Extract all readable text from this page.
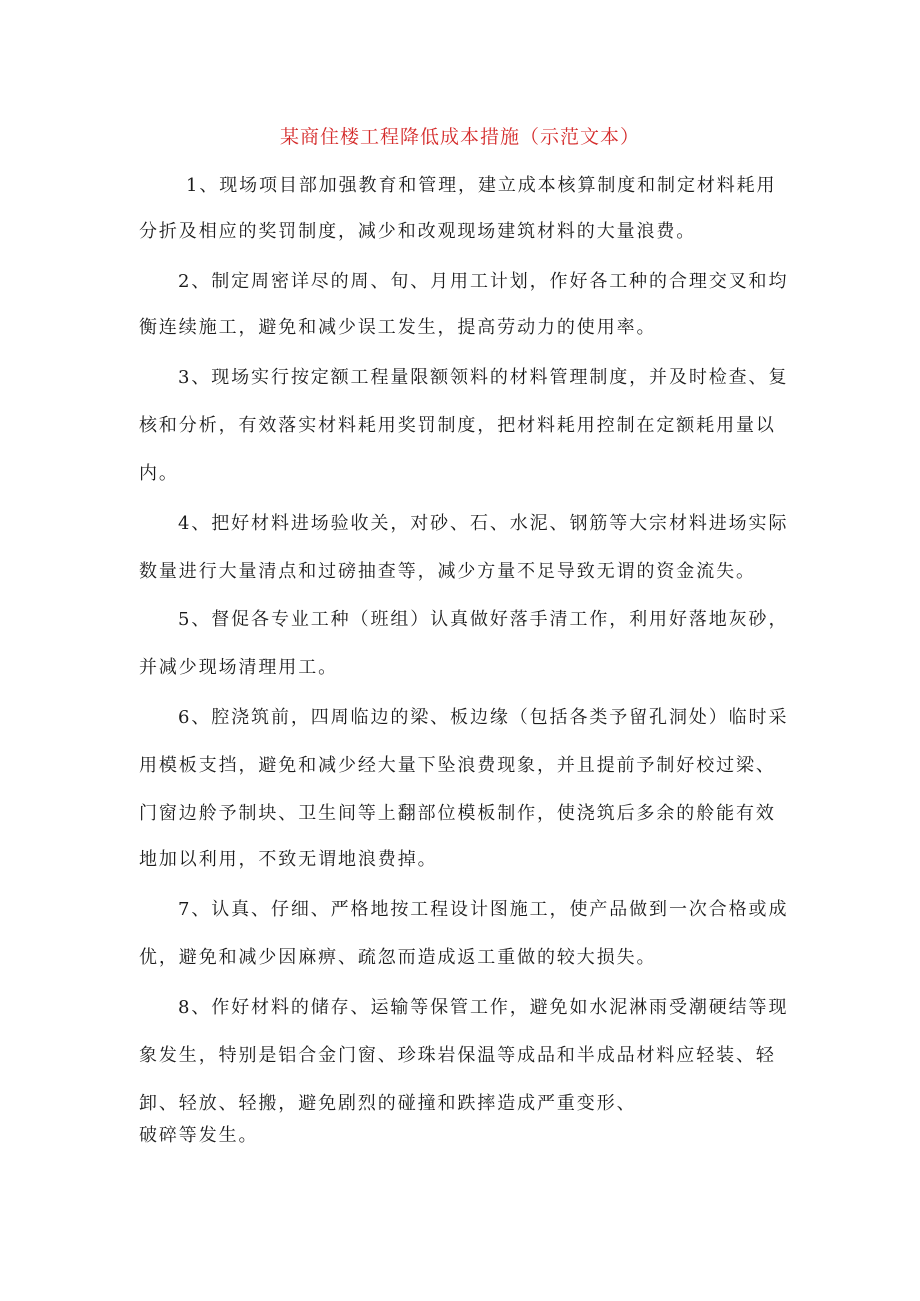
某商住楼工程降低成本措施（示范文本）
1、现场项目部加强教育和管理，建立成本核算制度和制定材料耗用
分折及相应的奖罚制度，减少和改观现场建筑材料的大量浪费。
2、制定周密详尽的周、旬、月用工计划，作好各工种的合理交叉和均
衡连续施工，避免和减少误工发生，提高劳动力的使用率。
3、现场实行按定额工程量限额领料的材料管理制度，并及时检查、复
核和分析，有效落实材料耗用奖罚制度，把材料耗用控制在定额耗用量以
内。
4、把好材料进场验收关，对砂、石、水泥、钢筋等大宗材料进场实际
数量进行大量清点和过磅抽查等，减少方量不足导致无谓的资金流失。
5、督促各专业工种（班组）认真做好落手清工作，利用好落地灰砂，
并减少现场清理用工。
6、腔浇筑前，四周临边的梁、板边缘（包括各类予留孔洞处）临时采
用模板支挡，避免和减少经大量下坠浪费现象，并且提前予制好校过梁、
门窗边舲予制块、卫生间等上翻部位模板制作，使浇筑后多余的舲能有效
地加以利用，不致无谓地浪费掉。
7、认真、仔细、严格地按工程设计图施工，使产品做到一次合格或成
优，避免和减少因麻痹、疏忽而造成返工重做的较大损失。
8、作好材料的储存、运输等保管工作，避免如水泥淋雨受潮硬结等现
象发生，特别是铝合金门窗、珍珠岩保温等成品和半成品材料应轻装、轻
卸、轻放、轻搬，避免剧烈的碰撞和跌摔造成严重变形、
破碎等发生。
